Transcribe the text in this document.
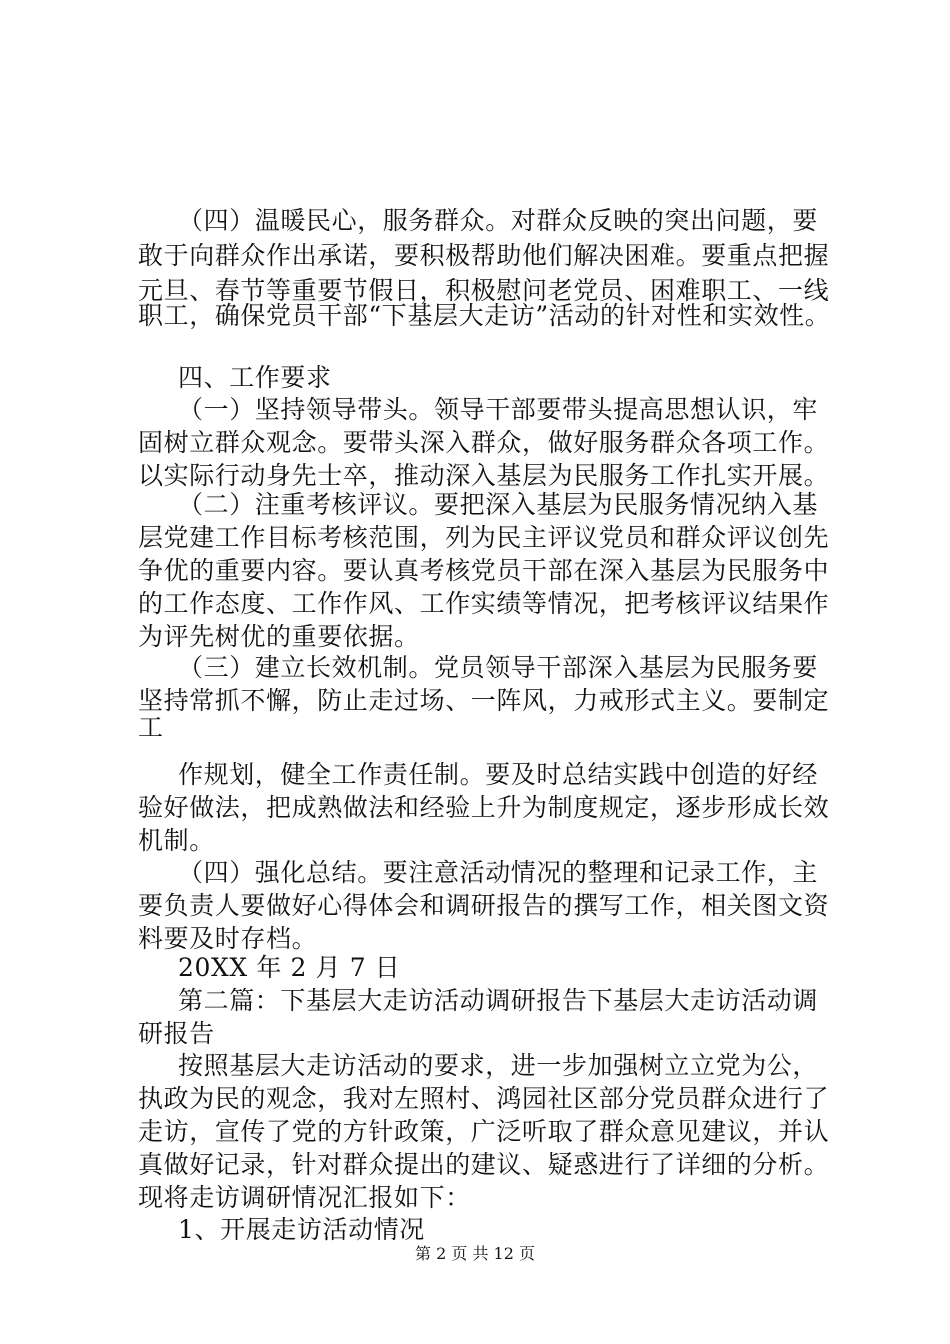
（四）温暖民心，服务群众。对群众反映的突出问题，要
敢于向群众作出承诺，要积极帮助他们解决困难。要重点把握
元旦、春节等重要节假日，积极慰问老党员、困难职工、一线
职工，确保党员干部“下基层大走访”活动的针对性和实效性。
四、工作要求
（一）坚持领导带头。领导干部要带头提高思想认识，牢
固树立群众观念。要带头深入群众，做好服务群众各项工作。
以实际行动身先士卒，推动深入基层为民服务工作扎实开展。
（二）注重考核评议。要把深入基层为民服务情况纳入基
层党建工作目标考核范围，列为民主评议党员和群众评议创先
争优的重要内容。要认真考核党员干部在深入基层为民服务中
的工作态度、工作作风、工作实绩等情况，把考核评议结果作
为评先树优的重要依据。
（三）建立长效机制。党员领导干部深入基层为民服务要
坚持常抓不懈，防止走过场、一阵风，力戒形式主义。要制定
工
作规划，健全工作责任制。要及时总结实践中创造的好经
验好做法，把成熟做法和经验上升为制度规定，逐步形成长效
机制。
（四）强化总结。要注意活动情况的整理和记录工作，主
要负责人要做好心得体会和调研报告的撰写工作，相关图文资
料要及时存档。
20XX 年 2 月 7 日
第二篇：下基层大走访活动调研报告下基层大走访活动调
研报告
按照基层大走访活动的要求，进一步加强树立立党为公，
执政为民的观念，我对左照村、鸿园社区部分党员群众进行了
走访，宣传了党的方针政策，广泛听取了群众意见建议，并认
真做好记录，针对群众提出的建议、疑惑进行了详细的分析。
现将走访调研情况汇报如下：
1、开展走访活动情况
第 2 页 共 12 页
